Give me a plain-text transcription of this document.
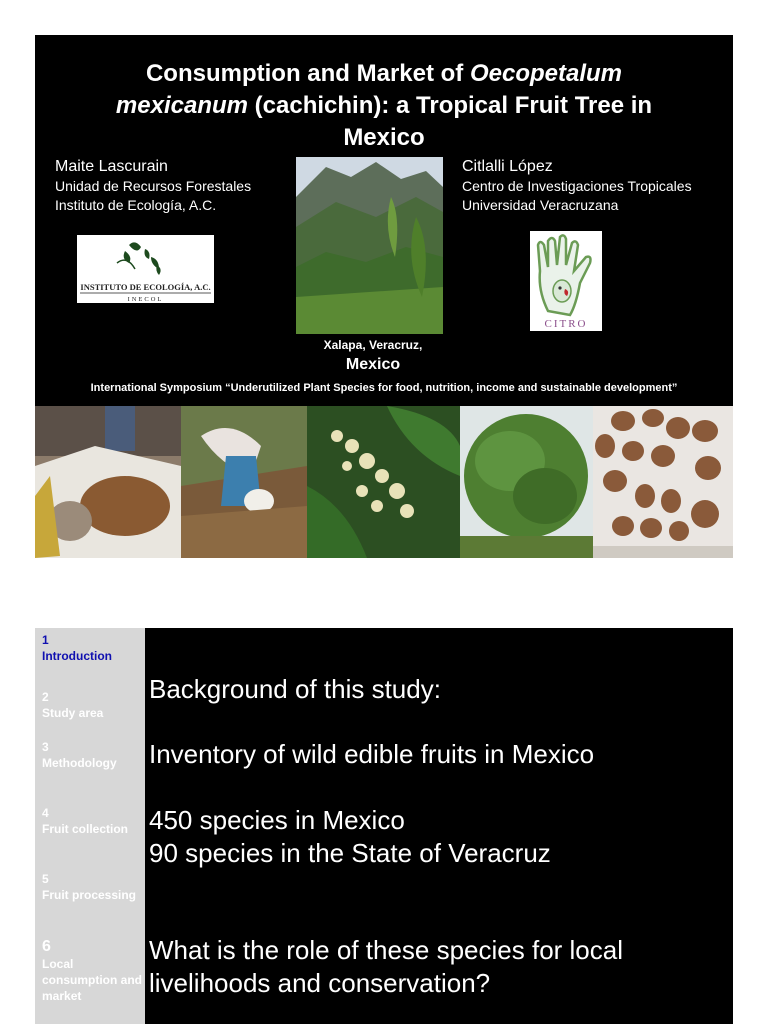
Consumption and Market of Oecopetalum
mexicanum (cachichin): a Tropical Fruit Tree in
Mexico
Maite Lascurain
Unidad de Recursos Forestales
Instituto de Ecología, A.C.
Citlalli López
Centro de Investigaciones Tropicales
Universidad Veracruzana
INSTITUTO DE ECOLOGÍA, A.C.
INECOL
CITRO
Xalapa, Veracruz,
Mexico
International Symposium “Underutilized Plant Species for food, nutrition, income and sustainable development”
1
Introduction
2
Study area
3
Methodology
4
Fruit collection
5
Fruit processing
6
Local consumption and market
Background of this study:
Inventory of wild edible fruits in Mexico
450 species in Mexico
90 species in the State of Veracruz
What is the role of these species for local
livelihoods and conservation?
